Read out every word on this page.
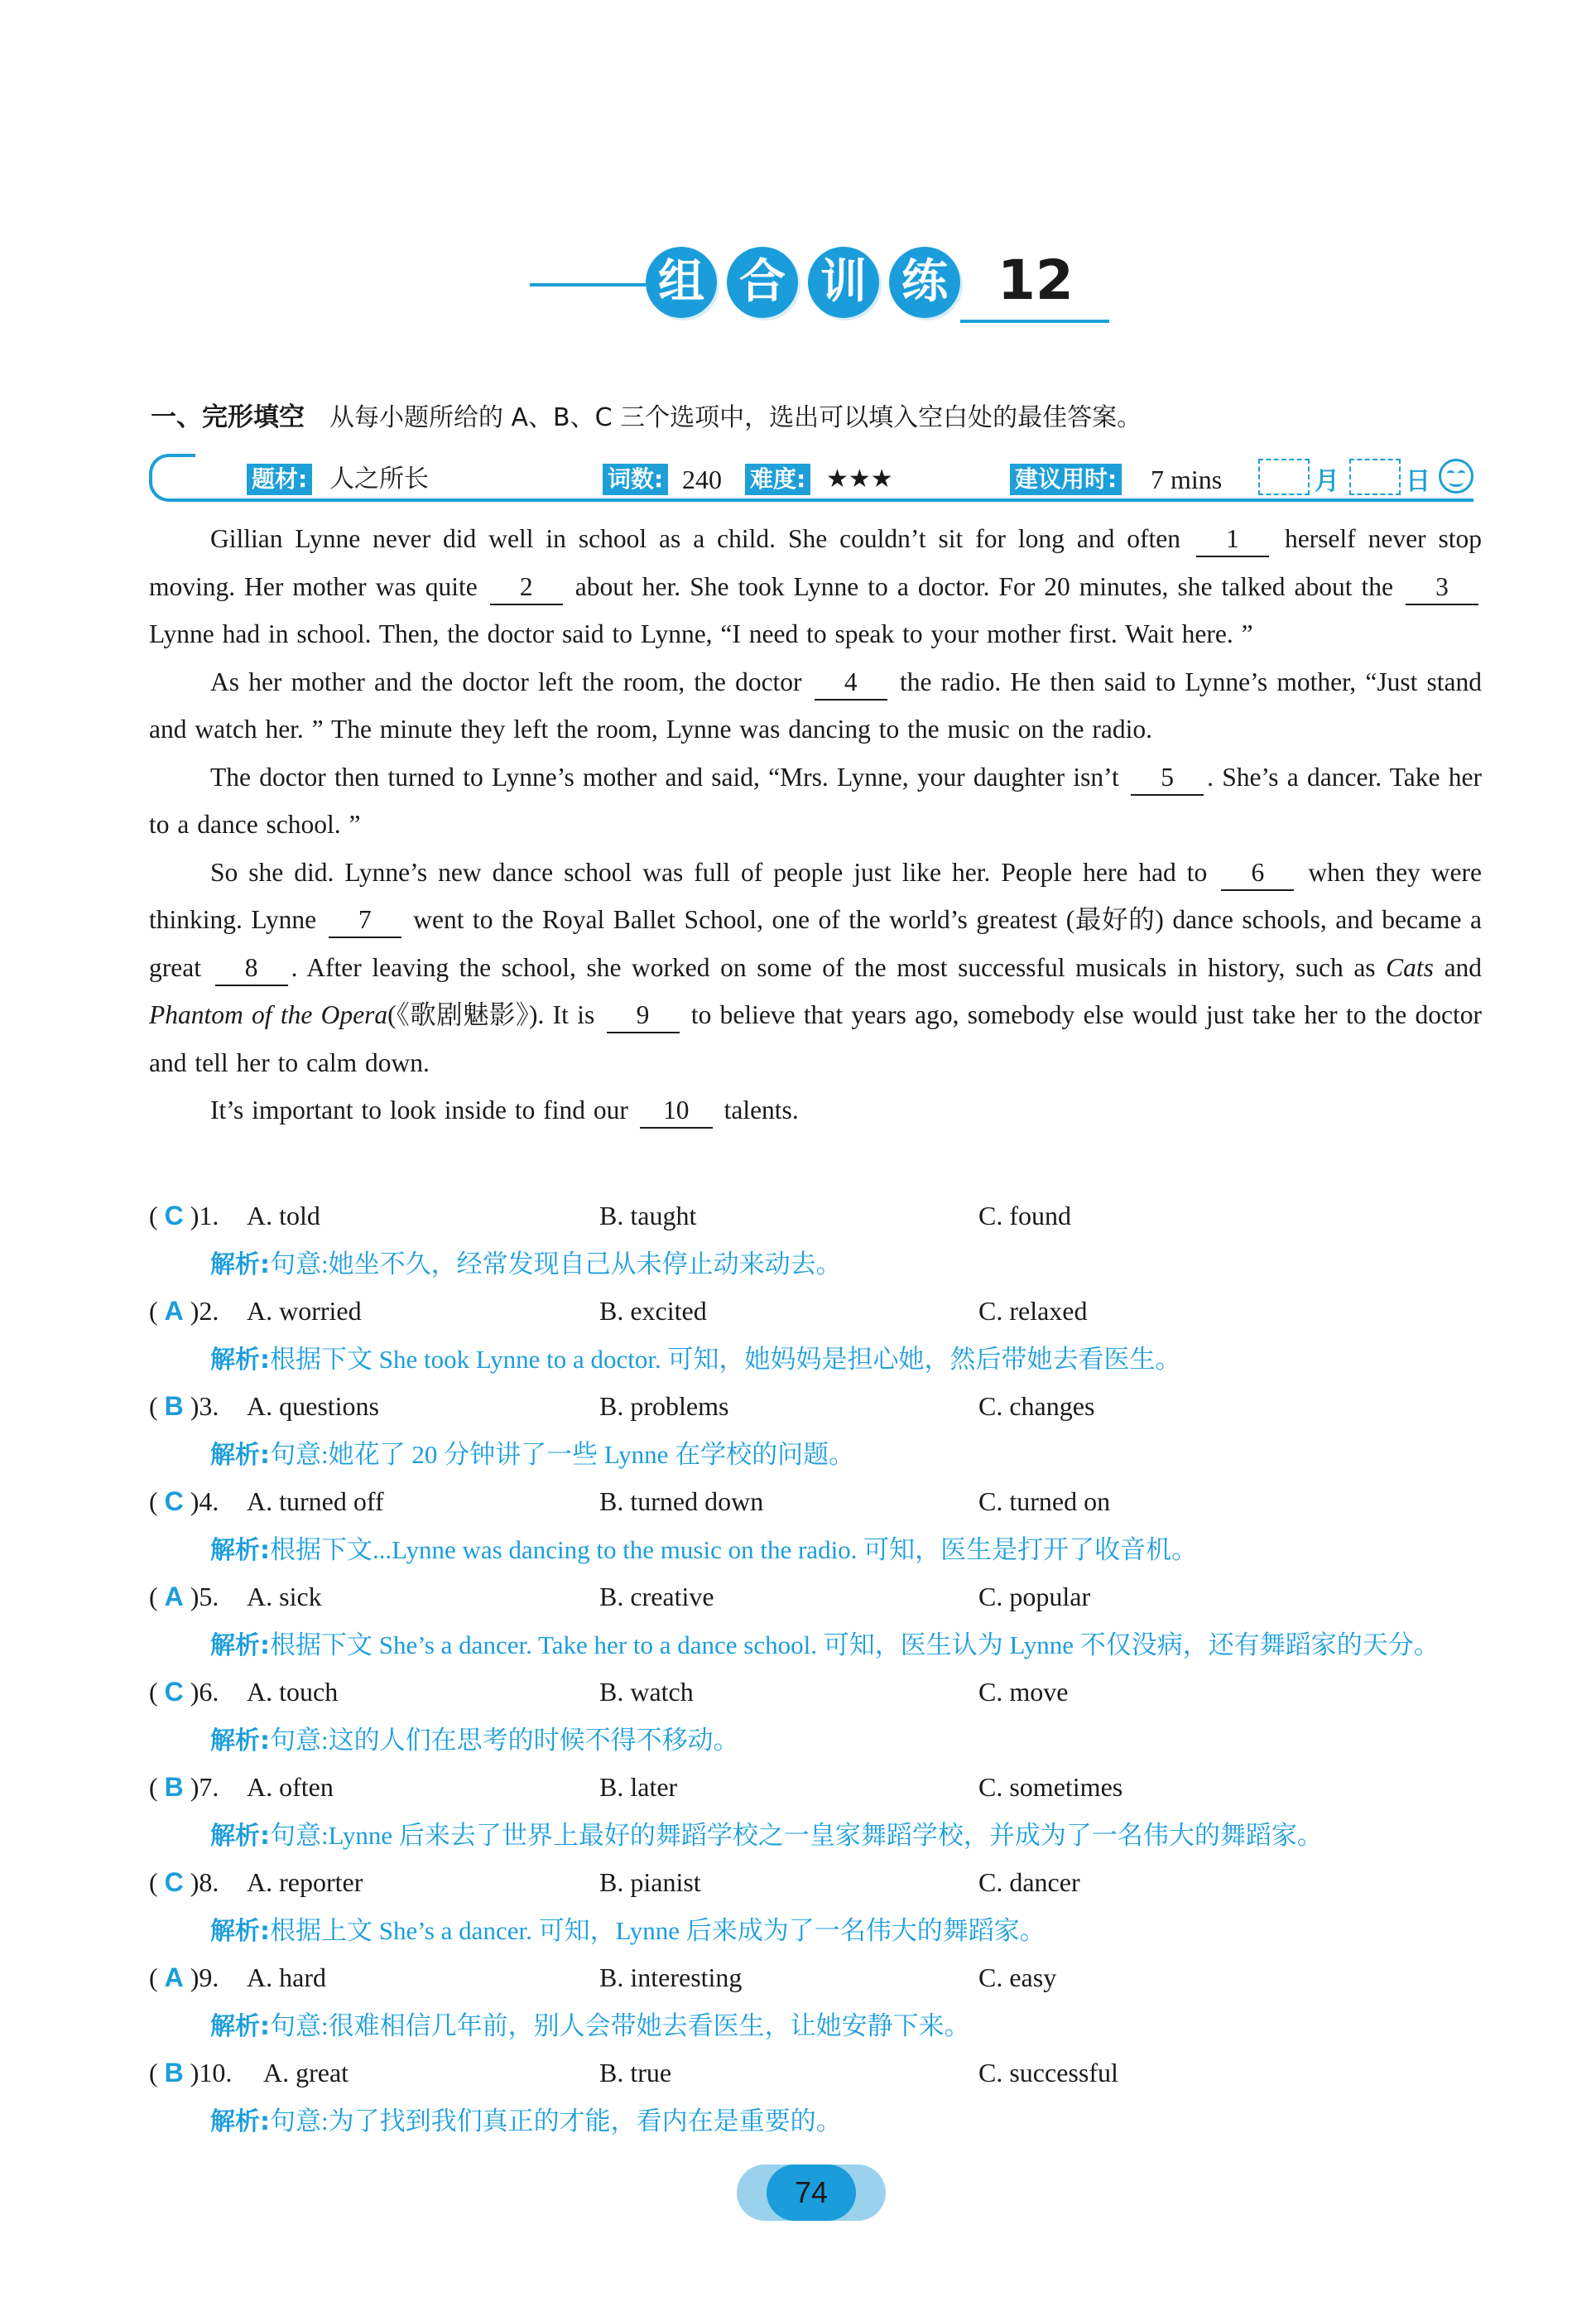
组 合 训 练 12
一、完形填空 从每小题所给的 A、B、C 三个选项中，选出可以填入空白处的最佳答案。
题材: 人之所长	词数: 240 难度: ★★★	建议用时: 7 mins	月	日

Gillian Lynne never did well in school as a child. She couldn’t sit for long and often 1 herself never stop moving. Her mother was quite 2 about her. She took Lynne to a doctor. For 20 minutes, she talked about the 3 Lynne had in school. Then, the doctor said to Lynne, “I need to speak to your mother first. Wait here. ”

As her mother and the doctor left the room, the doctor 4 the radio. He then said to Lynne’s mother, “Just stand and watch her. ” The minute they left the room, Lynne was dancing to the music on the radio.

The doctor then turned to Lynne’s mother and said, “Mrs. Lynne, your daughter isn’t 5 . She’s a dancer. Take her to a dance school. ”

So she did. Lynne’s new dance school was full of people just like her. People here had to 6 when they were thinking. Lynne 7 went to the Royal Ballet School, one of the world’s greatest (最好的) dance schools, and became a great 8 . After leaving the school, she worked on some of the most successful musicals in history, such as Cats and Phantom of the Opera(《歌剧魅影》). It is 9 to believe that years ago, somebody else would just take her to the doctor and tell her to calm down.

It’s important to look inside to find our 10 talents.

( C )1. A. told	B. taught	C. found
解析:句意:她坐不久，经常发现自己从未停止动来动去。
( A )2. A. worried	B. excited	C. relaxed
解析:根据下文 She took Lynne to a doctor. 可知，她妈妈是担心她，然后带她去看医生。
( B )3. A. questions	B. problems	C. changes
解析:句意:她花了 20 分钟讲了一些 Lynne 在学校的问题。
( C )4. A. turned off	B. turned down	C. turned on
解析:根据下文...Lynne was dancing to the music on the radio. 可知，医生是打开了收音机。
( A )5. A. sick	B. creative	C. popular
解析:根据下文 She’s a dancer. Take her to a dance school. 可知，医生认为 Lynne 不仅没病，还有舞蹈家的天分。
( C )6. A. touch	B. watch	C. move
解析:句意:这的人们在思考的时候不得不移动。
( B )7. A. often	B. later	C. sometimes
解析:句意:Lynne 后来去了世界上最好的舞蹈学校之一皇家舞蹈学校，并成为了一名伟大的舞蹈家。
( C )8. A. reporter	B. pianist	C. dancer
解析:根据上文 She’s a dancer. 可知，Lynne 后来成为了一名伟大的舞蹈家。
( A )9. A. hard	B. interesting	C. easy
解析:句意:很难相信几年前，别人会带她去看医生，让她安静下来。
( B )10. A. great	B. true	C. successful
解析:句意:为了找到我们真正的才能，看内在是重要的。
74
